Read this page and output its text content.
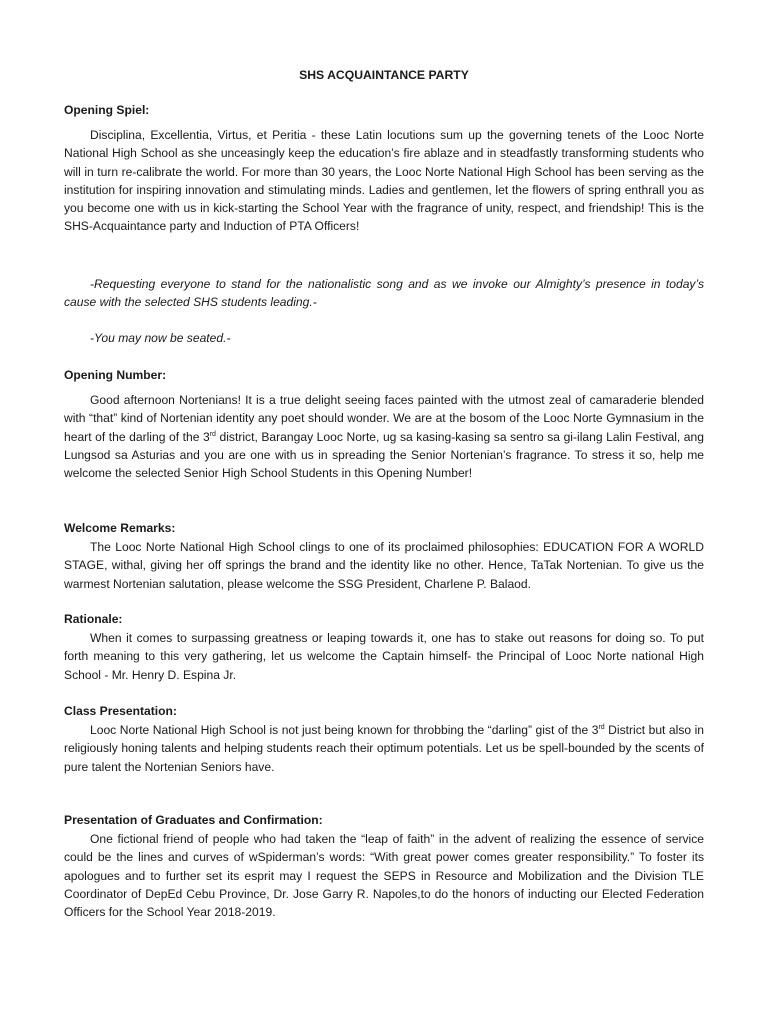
SHS ACQUAINTANCE PARTY
Opening Spiel:

Disciplina, Excellentia, Virtus, et Peritia - these Latin locutions sum up the governing tenets of the Looc Norte National High School as she unceasingly keep the education’s fire ablaze and in steadfastly transforming students who will in turn re-calibrate the world. For more than 30 years, the Looc Norte National High School has been serving as the institution for inspiring innovation and stimulating minds. Ladies and gentlemen, let the flowers of spring enthrall you as you become one with us in kick-starting the School Year with the fragrance of unity, respect, and friendship! This is the SHS-Acquaintance party and Induction of PTA Officers!

-Requesting everyone to stand for the nationalistic song and as we invoke our Almighty’s presence in today’s cause with the selected SHS students leading.-

-You may now be seated.-

Opening Number:

Good afternoon Nortenians! It is a true delight seeing faces painted with the utmost zeal of camaraderie blended with “that” kind of Nortenian identity any poet should wonder. We are at the bosom of the Looc Norte Gymnasium in the heart of the darling of the 3rd district, Barangay Looc Norte, ug sa kasing-kasing sa sentro sa gi-ilang Lalin Festival, ang Lungsod sa Asturias and you are one with us in spreading the Senior Nortenian’s fragrance. To stress it so, help me welcome the selected Senior High School Students in this Opening Number!

Welcome Remarks:

The Looc Norte National High School clings to one of its proclaimed philosophies: EDUCATION FOR A WORLD STAGE, withal, giving her off springs the brand and the identity like no other. Hence, TaTak Nortenian. To give us the warmest Nortenian salutation, please welcome the SSG President, Charlene P. Balaod.

Rationale:

When it comes to surpassing greatness or leaping towards it, one has to stake out reasons for doing so. To put forth meaning to this very gathering, let us welcome the Captain himself- the Principal of Looc Norte national High School - Mr. Henry D. Espina Jr.

Class Presentation:

Looc Norte National High School is not just being known for throbbing the “darling” gist of the 3rd District but also in religiously honing talents and helping students reach their optimum potentials. Let us be spell-bounded by the scents of pure talent the Nortenian Seniors have.

Presentation of Graduates and Confirmation:

One fictional friend of people who had taken the “leap of faith” in the advent of realizing the essence of service could be the lines and curves of wSpiderman’s words: “With great power comes greater responsibility.” To foster its apologues and to further set its esprit may I request the SEPS in Resource and Mobilization and the Division TLE Coordinator of DepEd Cebu Province, Dr. Jose Garry R. Napoles,to do the honors of inducting our Elected Federation Officers for the School Year 2018-2019.
